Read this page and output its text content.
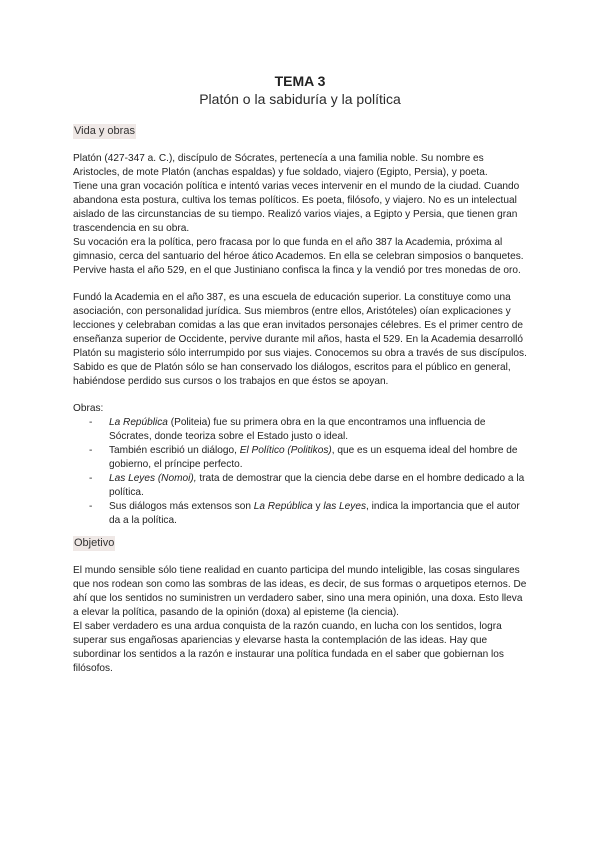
TEMA 3
Platón o la sabiduría y la política
Vida y obras

Platón (427-347 a. C.), discípulo de Sócrates, pertenecía a una familia noble. Su nombre es Aristocles, de mote Platón (anchas espaldas) y fue soldado, viajero (Egipto, Persia), y poeta.

Tiene una gran vocación política e intentó varias veces intervenir en el mundo de la ciudad. Cuando abandona esta postura, cultiva los temas políticos. Es poeta, filósofo, y viajero. No es un intelectual aislado de las circunstancias de su tiempo. Realizó varios viajes, a Egipto y Persia, que tienen gran trascendencia en su obra.

Su vocación era la política, pero fracasa por lo que funda en el año 387 la Academia, próxima al gimnasio, cerca del santuario del héroe ático Academos. En ella se celebran simposios o banquetes. Pervive hasta el año 529, en el que Justiniano confisca la finca y la vendió por tres monedas de oro.

Fundó la Academia en el año 387, es una escuela de educación superior. La constituye como una asociación, con personalidad jurídica. Sus miembros (entre ellos, Aristóteles) oían explicaciones y lecciones y celebraban comidas a las que eran invitados personajes célebres. Es el primer centro de enseñanza superior de Occidente, pervive durante mil años, hasta el 529. En la Academia desarrolló Platón su magisterio sólo interrumpido por sus viajes. Conocemos su obra a través de sus discípulos. Sabido es que de Platón sólo se han conservado los diálogos, escritos para el público en general, habiéndose perdido sus cursos o los trabajos en que éstos se apoyan.

Obras:

- La República (Politeia) fue su primera obra en la que encontramos una influencia de Sócrates, donde teoriza sobre el Estado justo o ideal.
- También escribió un diálogo, El Político (Politikos), que es un esquema ideal del hombre de gobierno, el príncipe perfecto.
- Las Leyes (Nomoi), trata de demostrar que la ciencia debe darse en el hombre dedicado a la política.
- Sus diálogos más extensos son La República y las Leyes, indica la importancia que el autor da a la política.
Objetivo

El mundo sensible sólo tiene realidad en cuanto participa del mundo inteligible, las cosas singulares que nos rodean son como las sombras de las ideas, es decir, de sus formas o arquetipos eternos. De ahí que los sentidos no suministren un verdadero saber, sino una mera opinión, una doxa. Esto lleva a elevar la política, pasando de la opinión (doxa) al episteme (la ciencia).

El saber verdadero es una ardua conquista de la razón cuando, en lucha con los sentidos, logra superar sus engañosas apariencias y elevarse hasta la contemplación de las ideas. Hay que subordinar los sentidos a la razón e instaurar una política fundada en el saber que gobiernan los filósofos.
